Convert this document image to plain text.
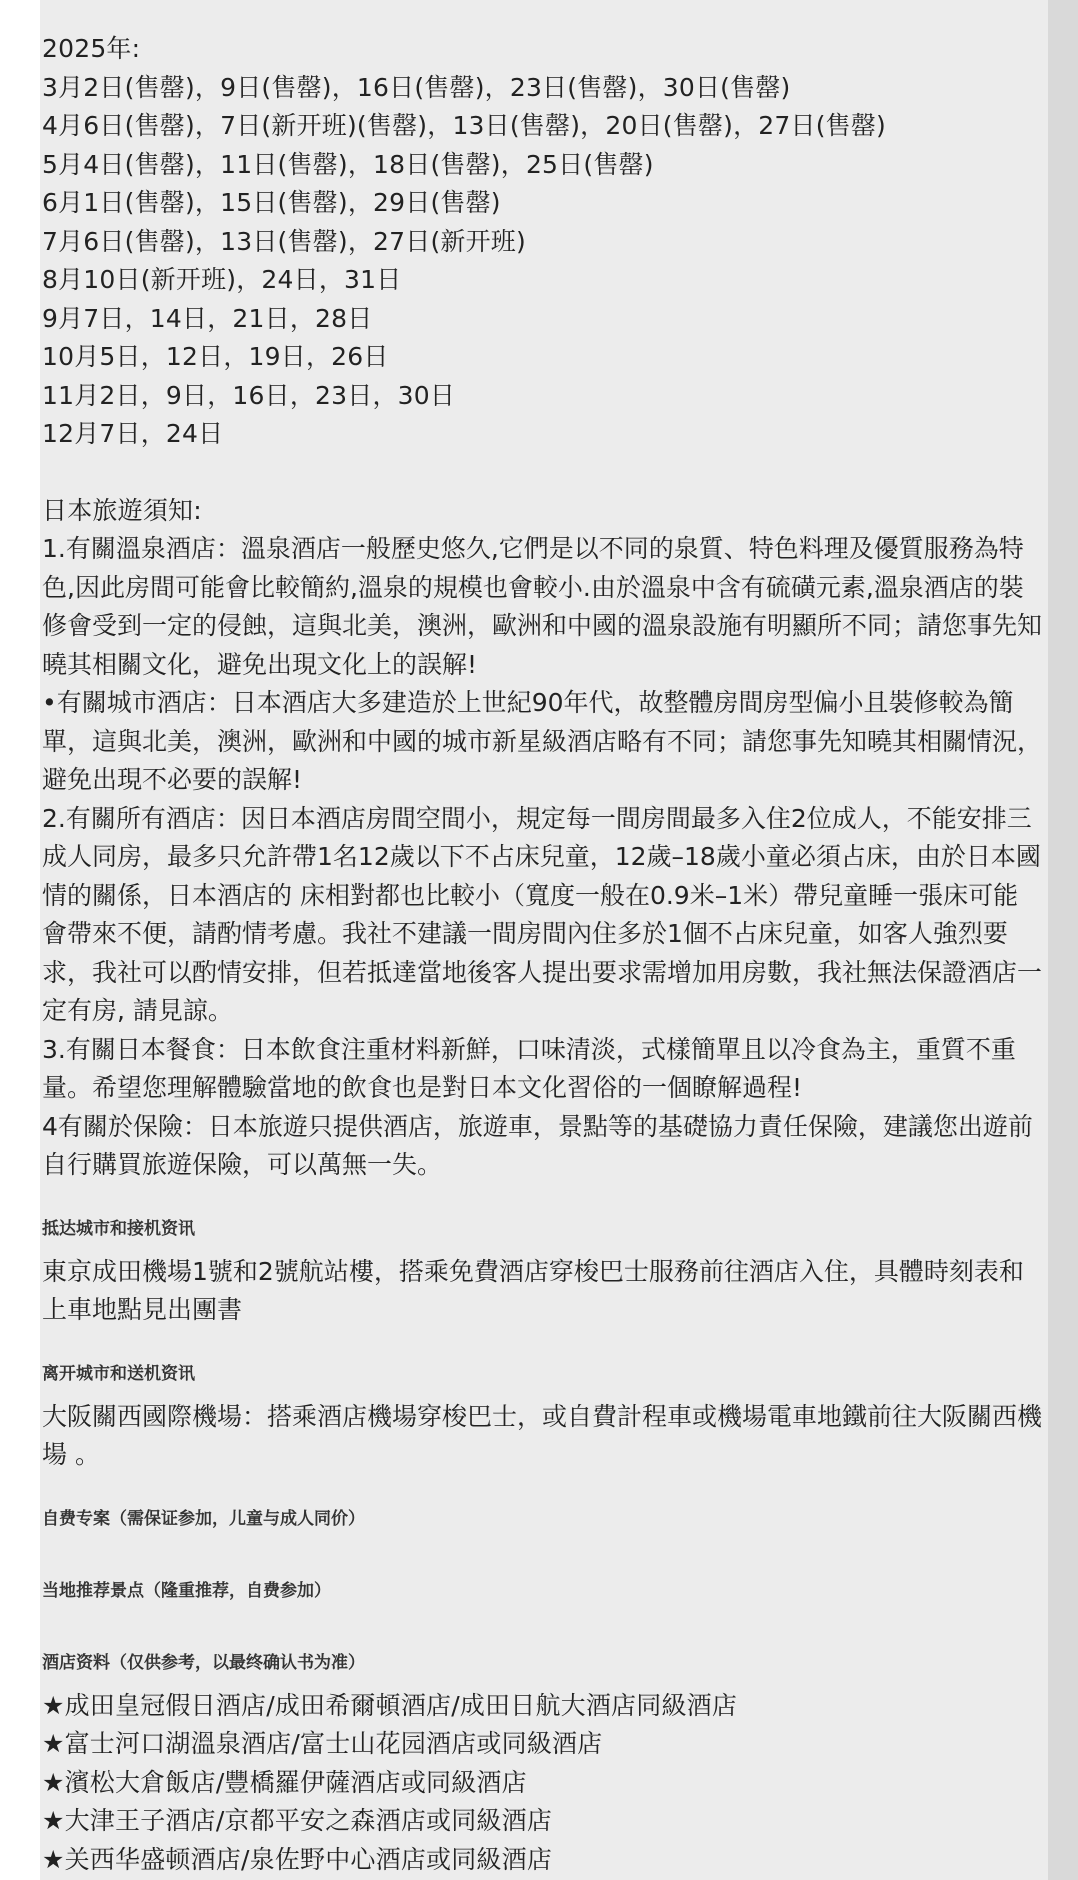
2025年:
3月2日(售罄)，9日(售罄)，16日(售罄)，23日(售罄)，30日(售罄)
4月6日(售罄)，7日(新开班)(售罄)，13日(售罄)，20日(售罄)，27日(售罄)
5月4日(售罄)，11日(售罄)，18日(售罄)，25日(售罄)
6月1日(售罄)，15日(售罄)，29日(售罄)
7月6日(售罄)，13日(售罄)，27日(新开班)
8月10日(新开班)，24日，31日
9月7日，14日，21日，28日
10月5日，12日，19日，26日
11月2日，9日，16日，23日，30日
12月7日，24日
日本旅遊須知:
1.有關溫泉酒店：溫泉酒店一般歷史悠久,它們是以不同的泉質、特色料理及優質服務為特色,因此房間可能會比較簡約,溫泉的規模也會較小.由於溫泉中含有硫磺元素,溫泉酒店的裝修會受到一定的侵蝕，這與北美，澳洲，歐洲和中國的溫泉設施有明顯所不同；請您事先知曉其相關文化，避免出現文化上的誤解!
•有關城市酒店：日本酒店大多建造於上世紀90年代，故整體房間房型偏小且裝修較為簡單，這與北美，澳洲，歐洲和中國的城市新星級酒店略有不同；請您事先知曉其相關情況，避免出現不必要的誤解!
2.有關所有酒店：因日本酒店房間空間小，規定每一間房間最多入住2位成人，不能安排三成人同房，最多只允許帶1名12歲以下不占床兒童，12歲–18歲小童必須占床，由於日本國情的關係，日本酒店的 床相對都也比較小（寬度一般在0.9米–1米）帶兒童睡一張床可能會帶來不便，請酌情考慮。我社不建議一間房間內住多於1個不占床兒童，如客人強烈要求，我社可以酌情安排，但若抵達當地後客人提出要求需增加用房數，我社無法保證酒店一定有房, 請見諒。
3.有關日本餐食：日本飲食注重材料新鮮，口味清淡，式樣簡單且以冷食為主，重質不重量。希望您理解體驗當地的飲食也是對日本文化習俗的一個瞭解過程!
4有關於保險：日本旅遊只提供酒店，旅遊車，景點等的基礎協力責任保險，建議您出遊前自行購買旅遊保險，可以萬無一失。
抵达城市和接机资讯
東京成田機場1號和2號航站樓，搭乘免費酒店穿梭巴士服務前往酒店入住，具體時刻表和上車地點見出團書
离开城市和送机资讯
大阪關西國際機場：搭乘酒店機場穿梭巴士，或自費計程車或機場電車地鐵前往大阪關西機場 。
自费专案（需保证参加，儿童与成人同价）
当地推荐景点（隆重推荐，自费参加）
酒店资料（仅供参考，以最终确认书为准）
★成田皇冠假日酒店/成田希爾頓酒店/成田日航大酒店同級酒店
★富士河口湖溫泉酒店/富士山花园酒店或同級酒店
★濱松大倉飯店/豐橋羅伊薩酒店或同級酒店
★大津王子酒店/京都平安之森酒店或同級酒店
★关西华盛顿酒店/泉佐野中心酒店或同級酒店
